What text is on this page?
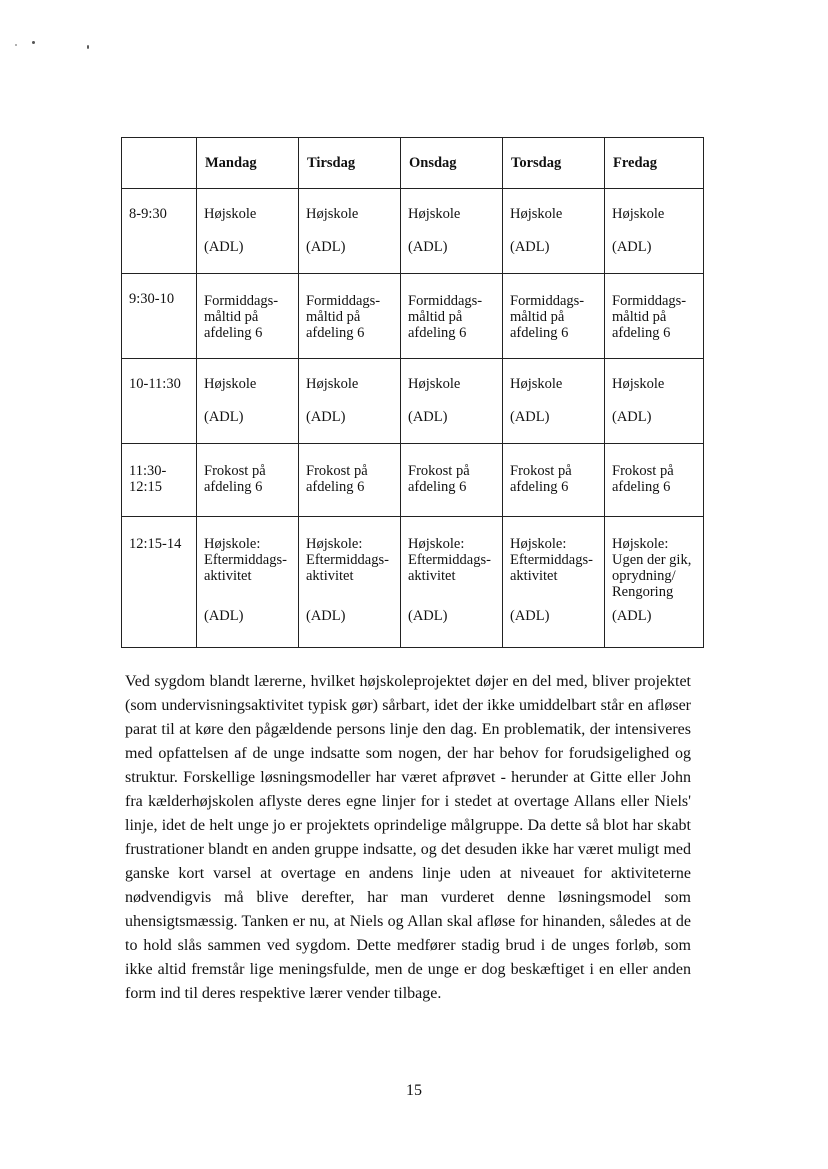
	Mandag	Tirsdag	Onsdag	Torsdag	Fredag

8-9:30	Højskole
(ADL)	Højskole
(ADL)	Højskole
(ADL)	Højskole
(ADL)	Højskole
(ADL)

9:30-10	Formiddags-
måltid på
afdeling 6	Formiddags-
måltid på
afdeling 6	Formiddags-
måltid på
afdeling 6	Formiddags-
måltid på
afdeling 6	Formiddags-
måltid på
afdeling 6

10-11:30	Højskole
(ADL)	Højskole
(ADL)	Højskole
(ADL)	Højskole
(ADL)	Højskole
(ADL)

11:30-
12:15	Frokost på
afdeling 6	Frokost på
afdeling 6	Frokost på
afdeling 6	Frokost på
afdeling 6	Frokost på
afdeling 6

12:15-14	Højskole:
Eftermiddags-
aktivitet
(ADL)	Højskole:
Eftermiddags-
aktivitet
(ADL)	Højskole:
Eftermiddags-
aktivitet
(ADL)	Højskole:
Eftermiddags-
aktivitet
(ADL)	Højskole:
Ugen der gik,
oprydning/
Rengoring
(ADL)

Ved sygdom blandt lærerne, hvilket højskoleprojektet døjer en del med, bliver projektet (som undervisningsaktivitet typisk gør) sårbart, idet der ikke umiddelbart står en afløser parat til at køre den pågældende persons linje den dag. En problematik, der intensiveres med opfattelsen af de unge indsatte som nogen, der har behov for forudsigelighed og struktur. Forskellige løsningsmodeller har været afprøvet - herunder at Gitte eller John fra kælderhøjskolen aflyste deres egne linjer for i stedet at overtage Allans eller Niels' linje, idet de helt unge jo er projektets oprindelige målgruppe. Da dette så blot har skabt frustrationer blandt en anden gruppe indsatte, og det desuden ikke har været muligt med ganske kort varsel at overtage en andens linje uden at niveauet for aktiviteterne nødvendigvis må blive derefter, har man vurderet denne løsningsmodel som uhensigtsmæssig. Tanken er nu, at Niels og Allan skal afløse for hinanden, således at de to hold slås sammen ved sygdom. Dette medfører stadig brud i de unges forløb, som ikke altid fremstår lige meningsfulde, men de unge er dog beskæftiget i en eller anden form ind til deres respektive lærer vender tilbage.

15
